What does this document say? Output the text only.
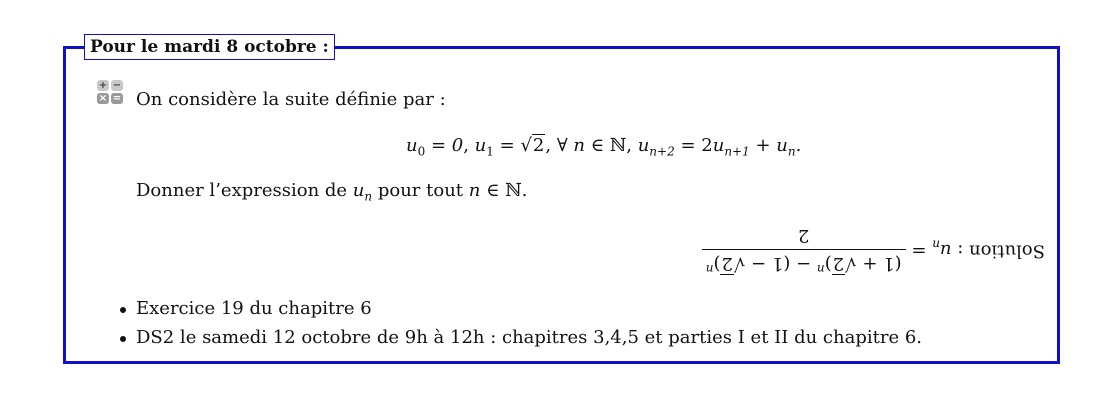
Pour le mardi 8 octobre :
+ −
× = On considère la suite définie par :
$u_0 = 0$, $u_1 = √2$, ∀ n ∈ ℕ, $u_{n+2} = 2u_{n+1} + u_n$.
Donner l’expression de $u_n$ pour tout n ∈ ℕ.
Solution : $u_n$ =
$(1 + √2)^n - (1 - √2)^n$
2
Exercice 19 du chapitre 6
DS2 le samedi 12 octobre de 9h à 12h : chapitres 3,4,5 et parties I et II du chapitre 6.
